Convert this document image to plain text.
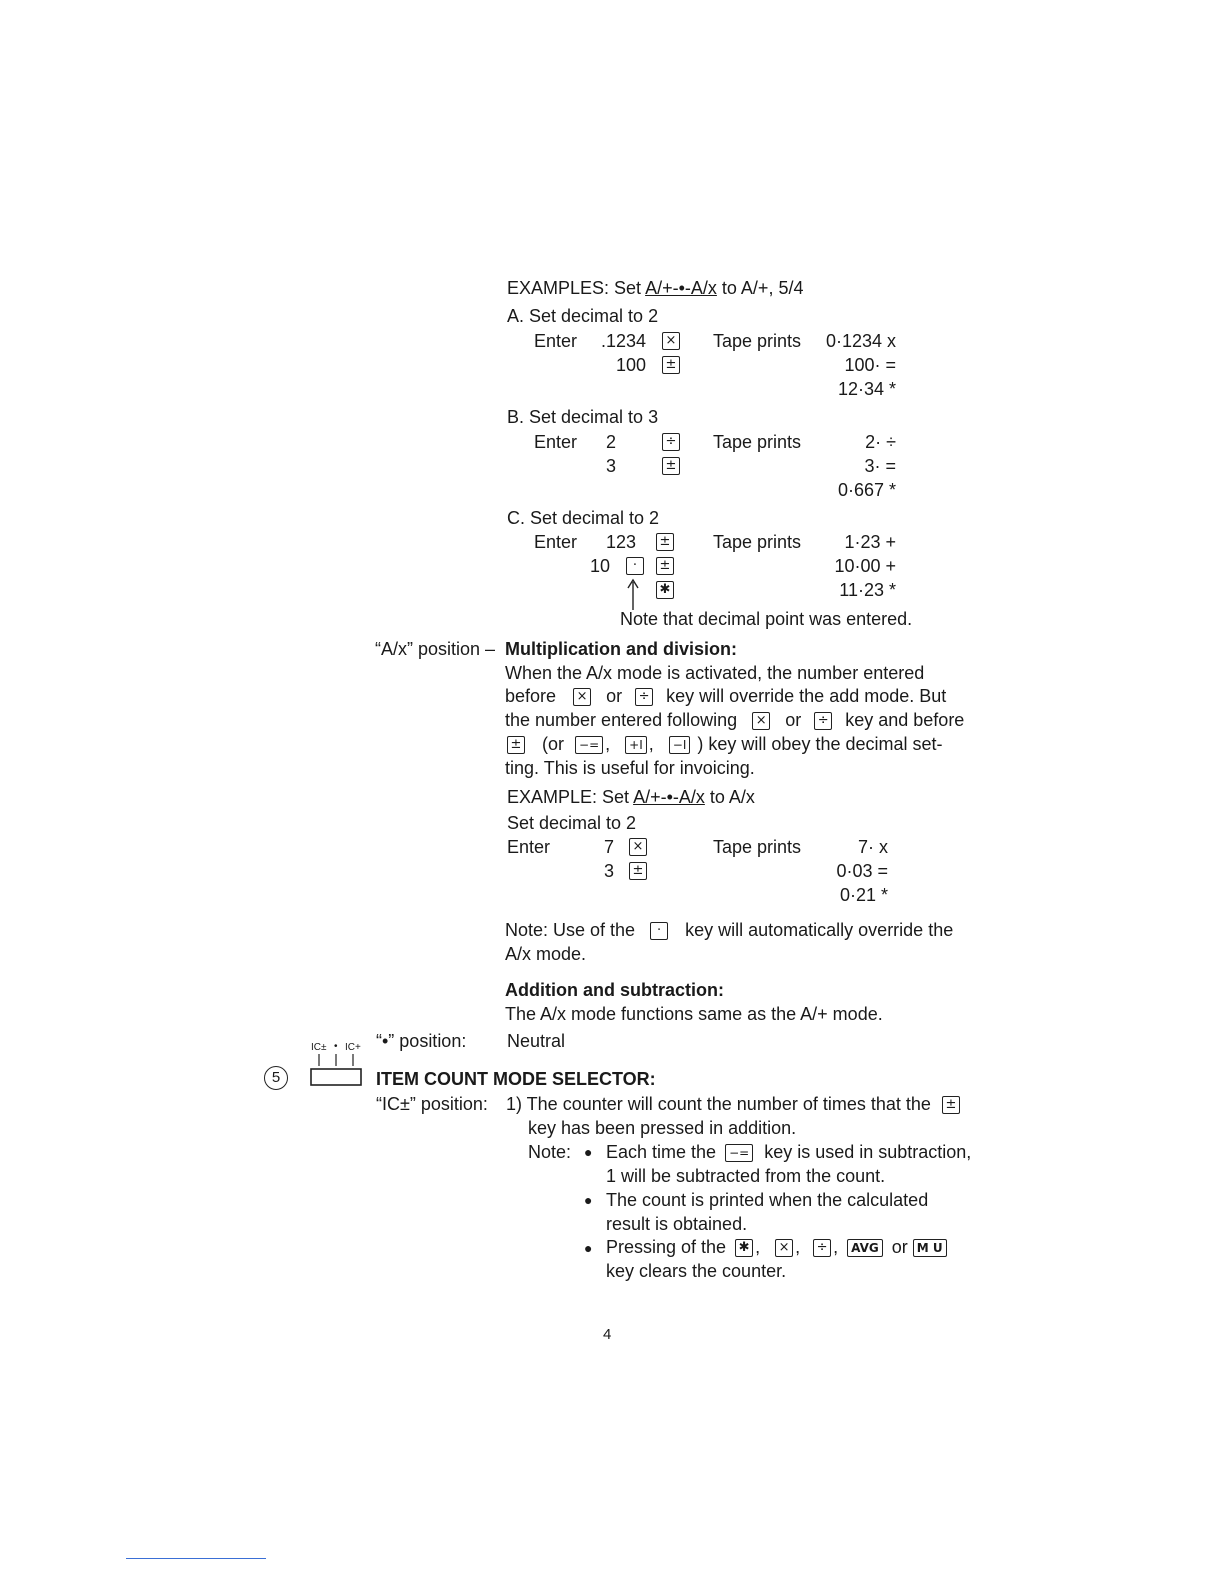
EXAMPLES: Set A/+-•-A/x to A/+, 5/4
A. Set decimal to 2
Enter	.1234	×	Tape prints	0·1234 x
100	±	100· =
12·34 *
B. Set decimal to 3
Enter	2	÷	Tape prints	2· ÷
3	±	3· =
0·667 *
C. Set decimal to 2
Enter	123	±	Tape prints	1·23 +
10	·	±	10·00 +
✱	11·23 *
Note that decimal point was entered.
“A/x” position – Multiplication and division:
When the A/x mode is activated, the number entered
before × or ÷ key will override the add mode. But
the number entered following × or ÷ key and before
± (or −= , +I , −I ) key will obey the decimal set-
ting. This is useful for invoicing.
EXAMPLE: Set A/+-•-A/x to A/x
Set decimal to 2
Enter	7	×	Tape prints	7· x
3	±	0·03 =
0·21 *
Note: Use of the · key will automatically override the
A/x mode.
Addition and subtraction:
The A/x mode functions same as the A/+ mode.
“•” position: Neutral
IC± • IC+
5	ITEM COUNT MODE SELECTOR:
“IC±” position: 1) The counter will count the number of times that the ±
key has been pressed in addition.
Note: ● Each time the −= key is used in subtraction,
1 will be subtracted from the count.
● The count is printed when the calculated
result is obtained.
● Pressing of the ✱ , × , ÷ , AVG or M U
key clears the counter.
4
